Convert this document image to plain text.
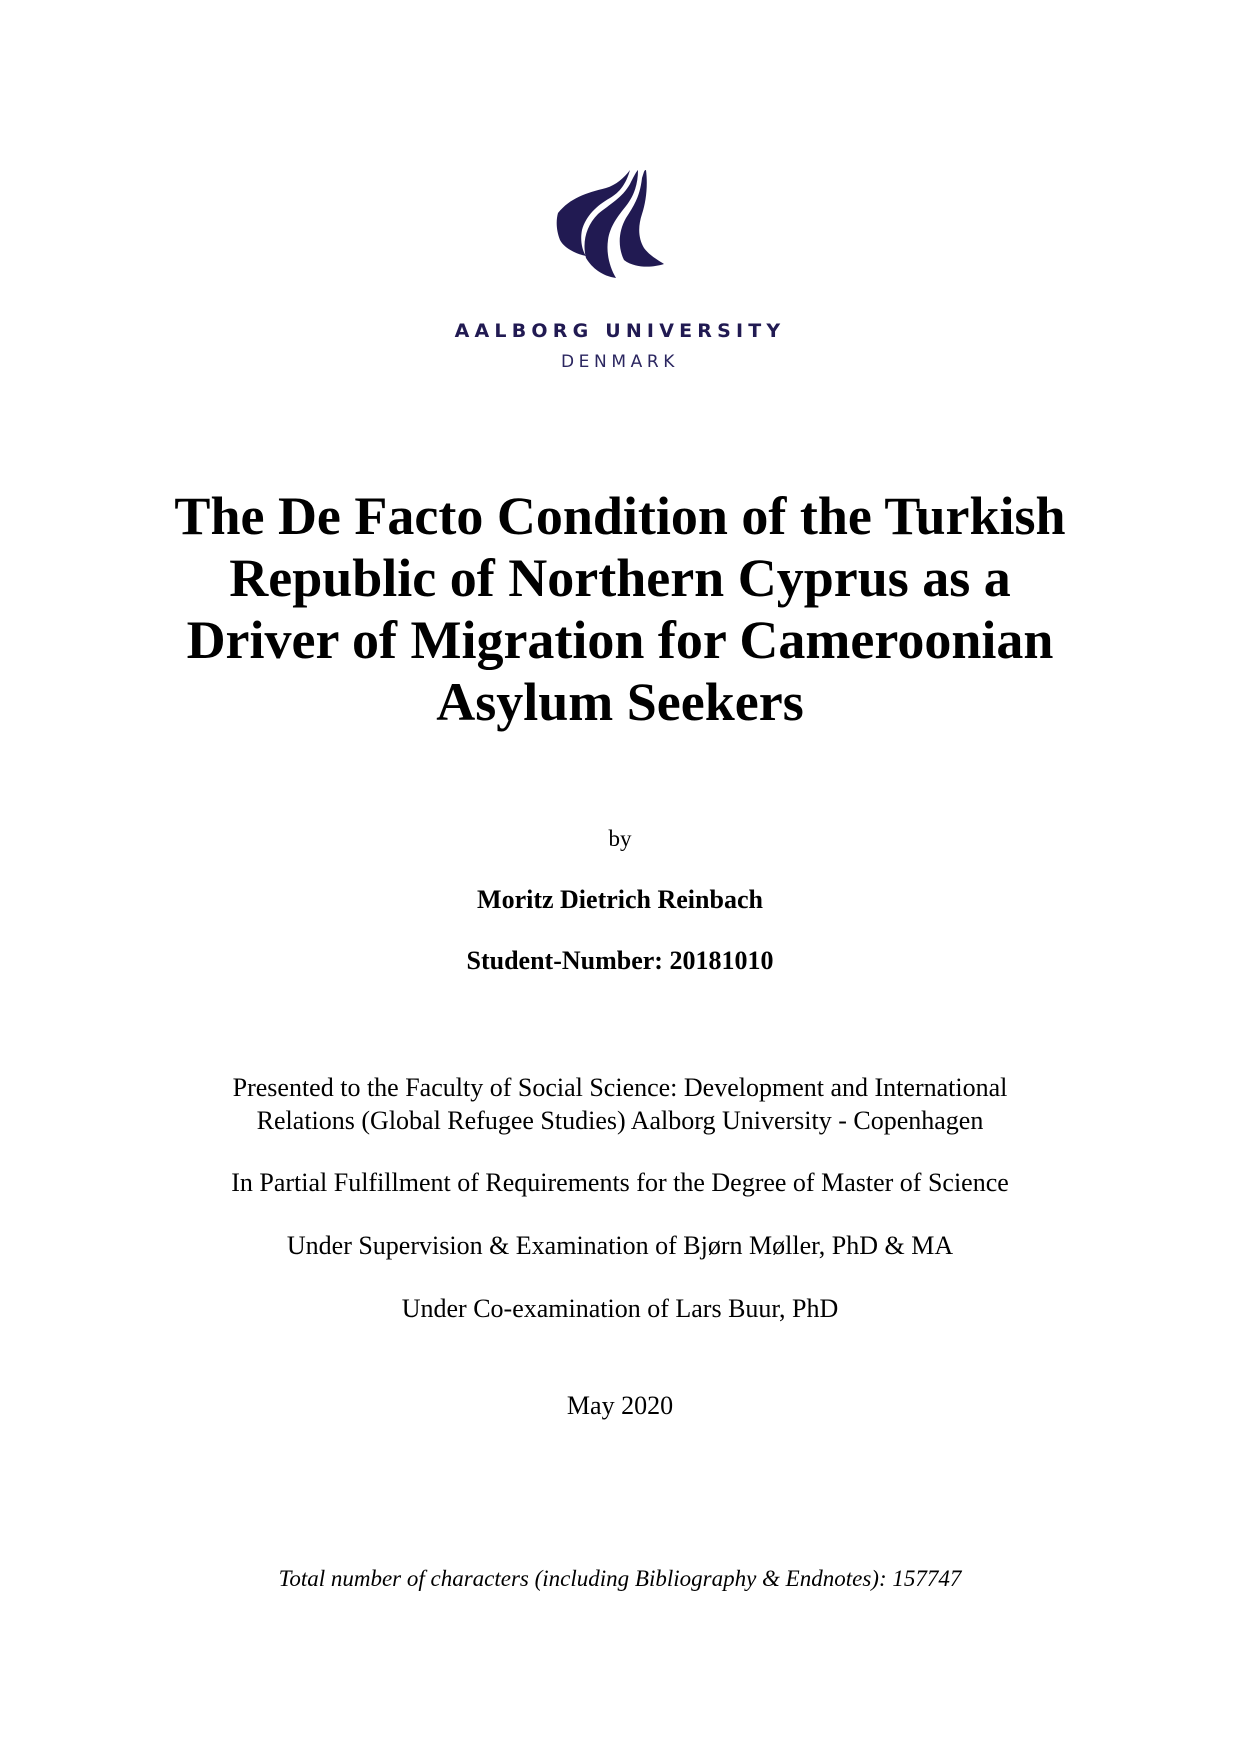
AALBORG UNIVERSITY
DENMARK
The De Facto Condition of the Turkish
Republic of Northern Cyprus as a
Driver of Migration for Cameroonian
Asylum Seekers
by
Moritz Dietrich Reinbach
Student-Number: 20181010
Presented to the Faculty of Social Science: Development and International
Relations (Global Refugee Studies) Aalborg University - Copenhagen
In Partial Fulfillment of Requirements for the Degree of Master of Science
Under Supervision & Examination of Bjørn Møller, PhD & MA
Under Co-examination of Lars Buur, PhD
May 2020
Total number of characters (including Bibliography & Endnotes): 157747
